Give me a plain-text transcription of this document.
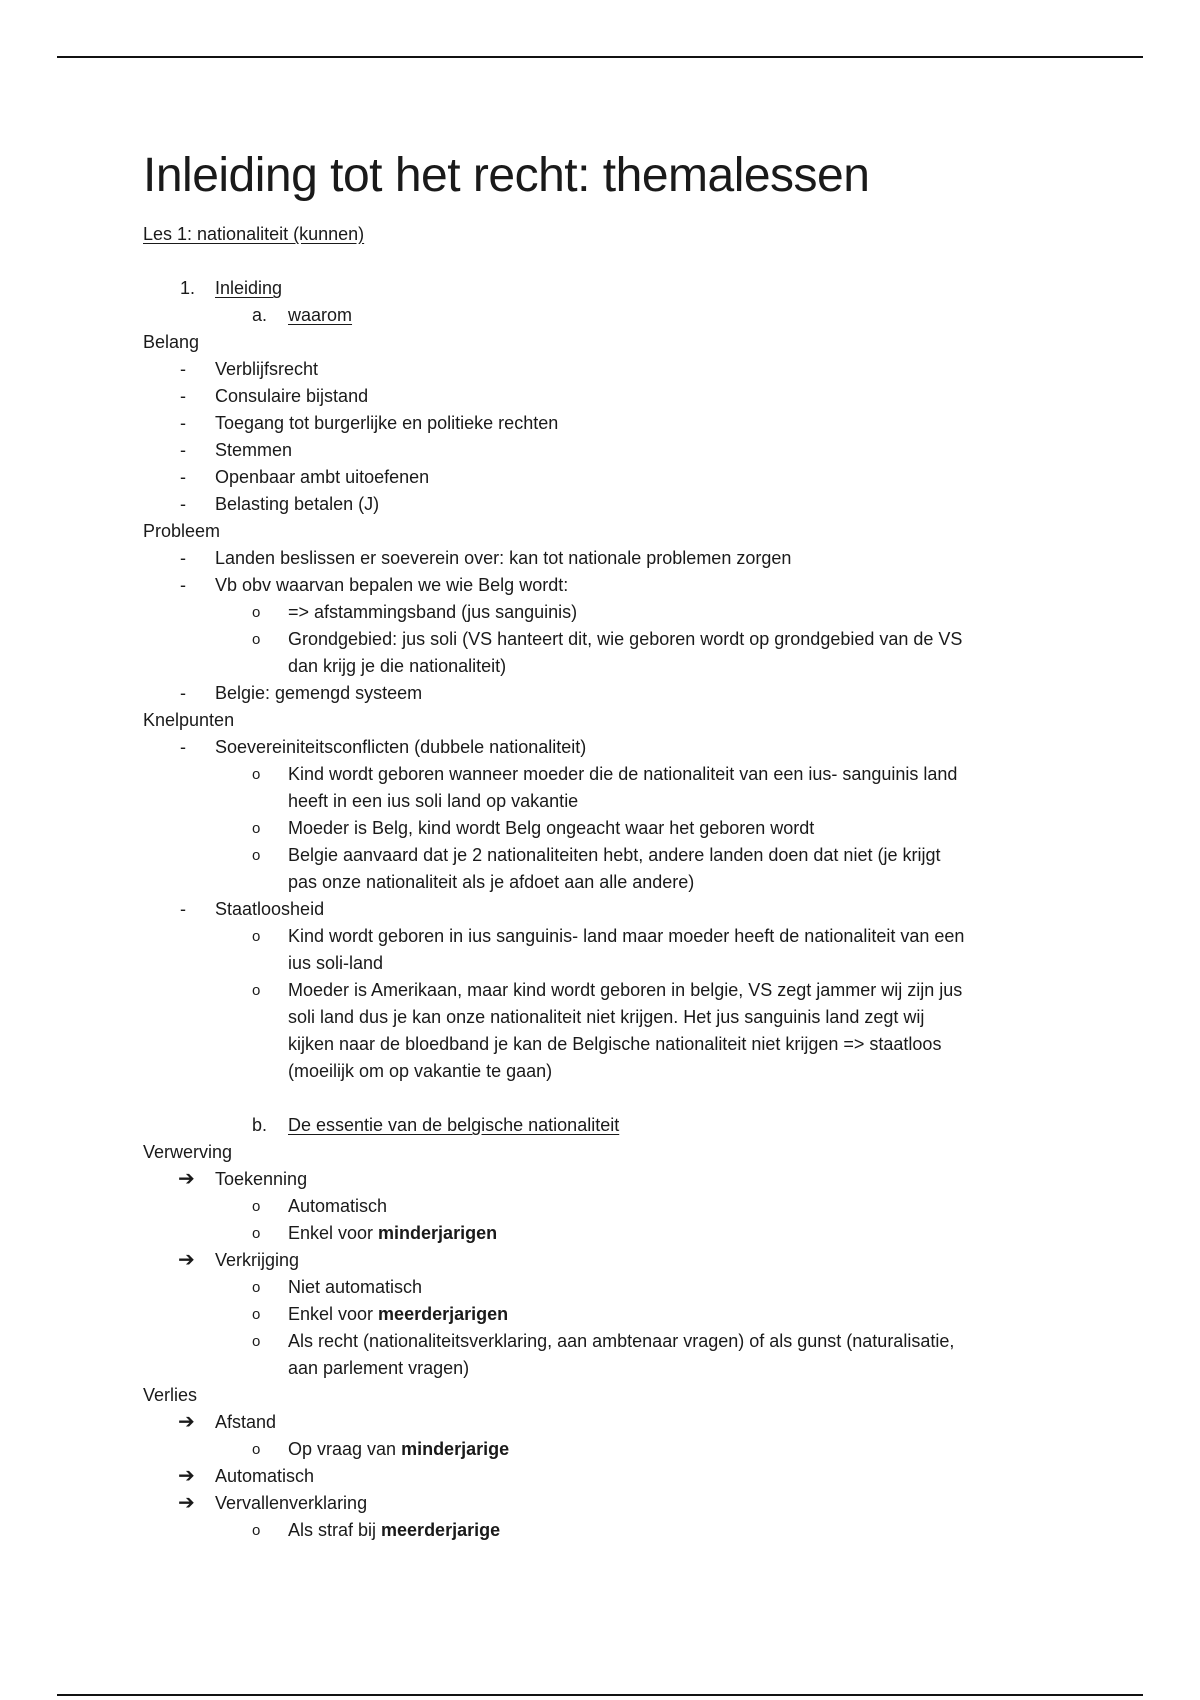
Inleiding tot het recht: themalessen
Les 1: nationaliteit (kunnen)
1. Inleiding
a. waarom
Belang
- Verblijfsrecht
- Consulaire bijstand
- Toegang tot burgerlijke en politieke rechten
- Stemmen
- Openbaar ambt uitoefenen
- Belasting betalen (J)
Probleem
- Landen beslissen er soeverein over: kan tot nationale problemen zorgen
- Vb obv waarvan bepalen we wie Belg wordt:
o => afstammingsband (jus sanguinis)
o Grondgebied: jus soli (VS hanteert dit, wie geboren wordt op grondgebied van de VS
dan krijg je die nationaliteit)
- Belgie: gemengd systeem
Knelpunten
- Soevereiniteitsconflicten (dubbele nationaliteit)
o Kind wordt geboren wanneer moeder die de nationaliteit van een ius- sanguinis land
heeft in een ius soli land op vakantie
o Moeder is Belg, kind wordt Belg ongeacht waar het geboren wordt
o Belgie aanvaard dat je 2 nationaliteiten hebt, andere landen doen dat niet (je krijgt
pas onze nationaliteit als je afdoet aan alle andere)
- Staatloosheid
o Kind wordt geboren in ius sanguinis- land maar moeder heeft de nationaliteit van een
ius soli-land
o Moeder is Amerikaan, maar kind wordt geboren in belgie, VS zegt jammer wij zijn jus
soli land dus je kan onze nationaliteit niet krijgen. Het jus sanguinis land zegt wij
kijken naar de bloedband je kan de Belgische nationaliteit niet krijgen => staatloos
(moeilijk om op vakantie te gaan)
b. De essentie van de belgische nationaliteit
Verwerving
➔ Toekenning
o Automatisch
o Enkel voor minderjarigen
➔ Verkrijging
o Niet automatisch
o Enkel voor meerderjarigen
o Als recht (nationaliteitsverklaring, aan ambtenaar vragen) of als gunst (naturalisatie,
aan parlement vragen)
Verlies
➔ Afstand
o Op vraag van minderjarige
➔ Automatisch
➔ Vervallenverklaring
o Als straf bij meerderjarige
